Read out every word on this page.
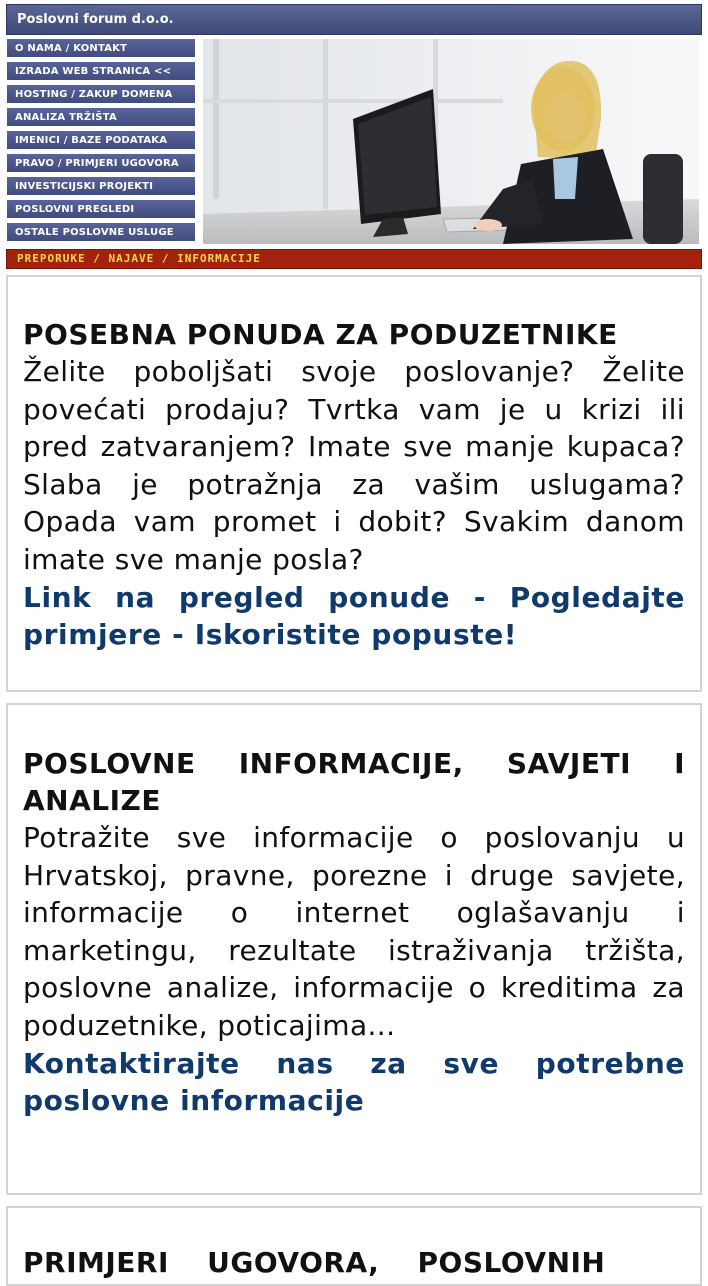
Poslovni forum d.o.o.
O NAMA / KONTAKT
IZRADA WEB STRANICA <<
HOSTING / ZAKUP DOMENA
ANALIZA TRŽIŠTA
IMENICI / BAZE PODATAKA
PRAVO / PRIMJERI UGOVORA
INVESTICIJSKI PROJEKTI
POSLOVNI PREGLEDI
OSTALE POSLOVNE USLUGE
PREPORUKE / NAJAVE / INFORMACIJE
POSEBNA PONUDA ZA PODUZETNIKE

Želite poboljšati svoje poslovanje? Želite povećati prodaju? Tvrtka vam je u krizi ili pred zatvaranjem? Imate sve manje kupaca? Slaba je potražnja za vašim uslugama? Opada vam promet i dobit? Svakim danom imate sve manje posla?

Link na pregled ponude - Pogledajte primjere - Iskoristite popuste!
POSLOVNE INFORMACIJE, SAVJETI I ANALIZE

Potražite sve informacije o poslovanju u Hrvatskoj, pravne, porezne i druge savjete, informacije o internet oglašavanju i marketingu, rezultate istraživanja tržišta, poslovne analize, informacije o kreditima za poduzetnike, poticajima...

Kontaktirajte nas za sve potrebne poslovne informacije
PRIMJERI UGOVORA, POSLOVNIH
